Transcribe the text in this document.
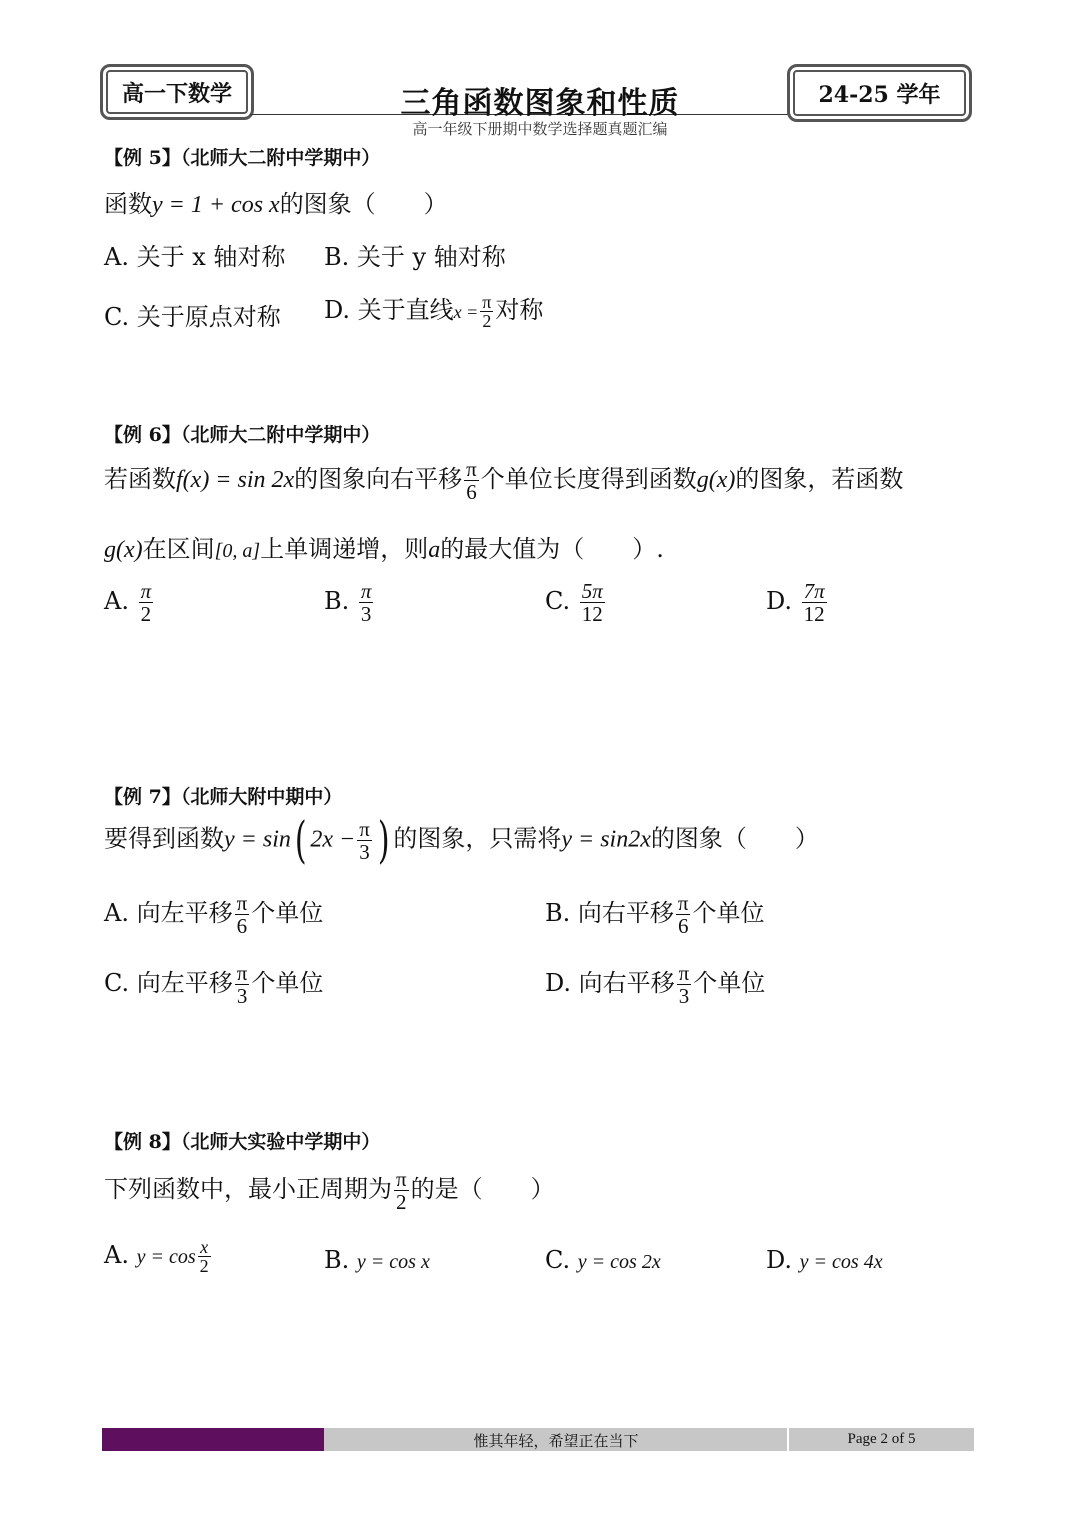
高一下数学	三角函数图象和性质	24-25 学年
高一年级下册期中数学选择题真题汇编
【例 5】（北师大二附中学期中）
函数y = 1 + cos x的图象（　　）
A. 关于 x 轴对称 B. 关于 y 轴对称
C. 关于原点对称 D. 关于直线$x = \frac{\pi}{2}$ 对称
【例 6】（北师大二附中学期中）
若函数f(x) = sin 2x的图象向右平移 $\frac{\pi}{6}$ 个单位长度得到函数g(x)的图象，若函数
g(x)在区间[0, a]上单调递增，则a的最大值为（　　）.
A. $\frac{\pi}{2}$	B. $\frac{\pi}{3}$	C. $\frac{5\pi}{12}$	D. $\frac{7\pi}{12}$
【例 7】（北师大附中期中）
要得到函数y = sin( $2x - \frac{\pi}{3}$ ) 的图象，只需将y = sin2x的图象（　　）
A. 向左平移 $\frac{\pi}{6}$ 个单位	B. 向右平移 $\frac{\pi}{6}$ 个单位
C. 向左平移 $\frac{\pi}{3}$ 个单位	D. 向右平移 $\frac{\pi}{3}$ 个单位
【例 8】（北师大实验中学期中）
下列函数中，最小正周期为 $\frac{\pi}{2}$ 的是（　　）
A. $y = \cos \frac{x}{2}$	B. y = cos x	C. y = cos 2x	D. y = cos 4x
惟其年轻，希望正在当下	Page 2 of 5
